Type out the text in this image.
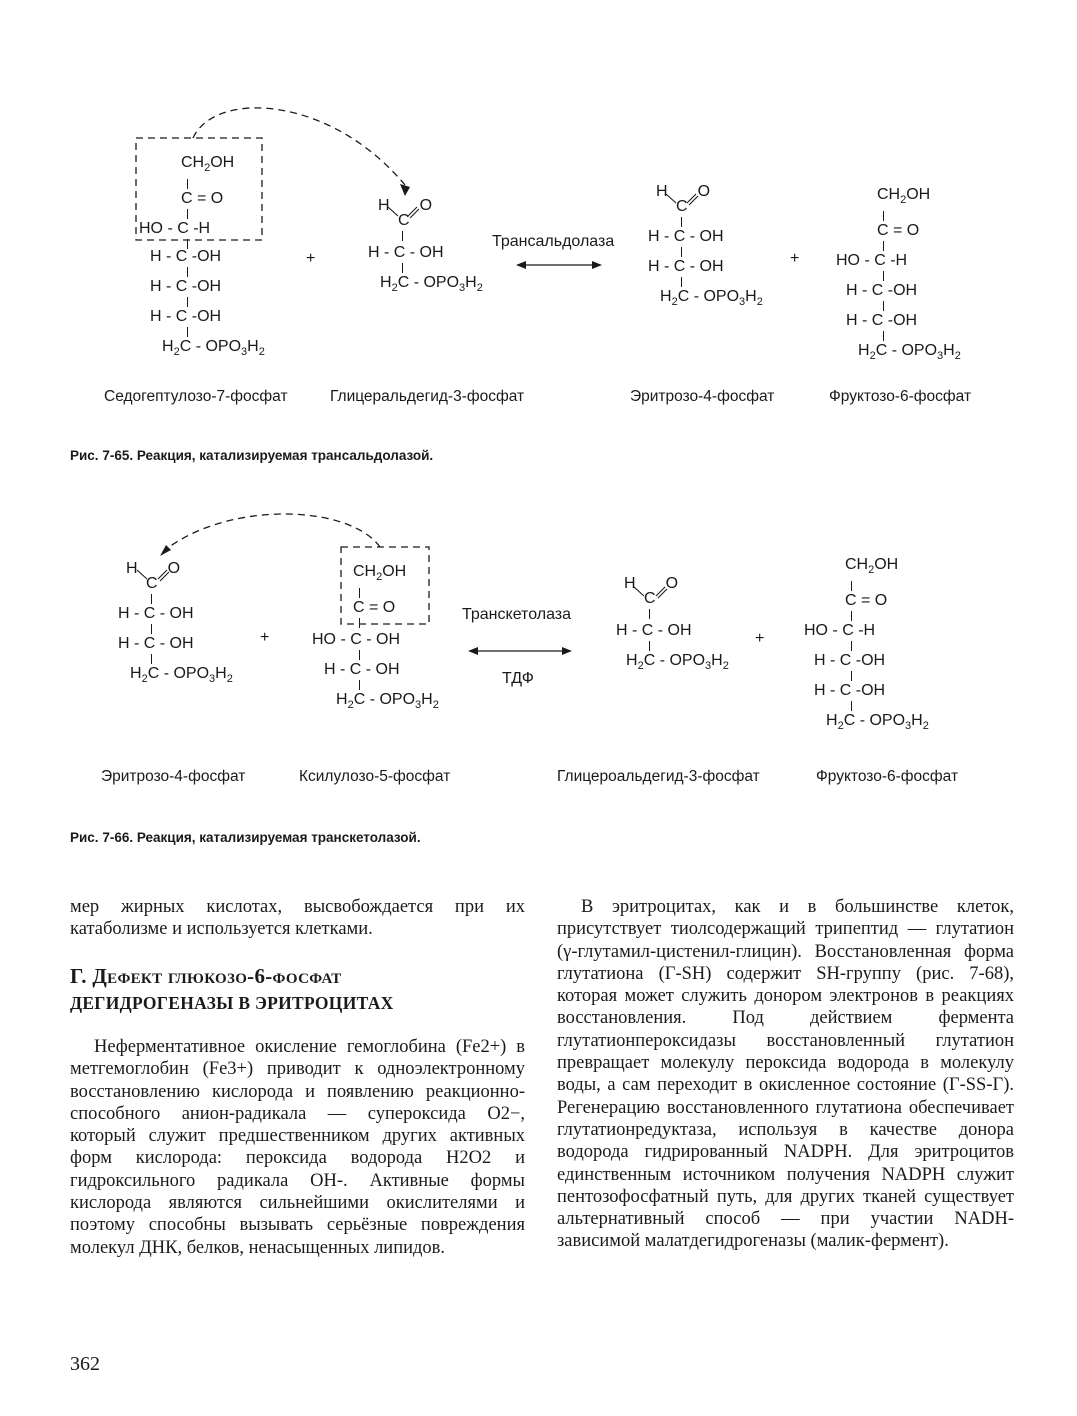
$CH_2OH$
C = O
HO - C -H
H - C -OH
H - C -OH
H - C -OH
$H_2C - OPO_3H_2$
+
H O
C
H - C - OH
$H_2C - OPO_3H_2$
Трансальдолаза
H O
C
H - C - OH
H - C - OH
$H_2C - OPO_3H_2$
+
$CH_2OH$
C = O
HO - C -H
H - C -OH
H - C -OH
$H_2C - OPO_3H_2$
Седогептулозо-7-фосфат	Глицеральдегид-3-фосфат	Эритрозо-4-фосфат	Фруктозо-6-фосфат
Рис. 7-65. Реакция, катализируемая трансальдолазой.
H O
C
H - C - OH
H - C - OH
$H_2C - OPO_3H_2$
+
$CH_2OH$
C = O
HO - C - OH
H - C - OH
$H_2C - OPO_3H_2$
Транскетолаза
ТДФ
H O
C
H - C - OH
$H_2C - OPO_3H_2$
+
$CH_2OH$
C = O
HO - C -H
H - C -OH
H - C -OH
$H_2C - OPO_3H_2$
Эритрозо-4-фосфат	Ксилулозо-5-фосфат	Глицероальдегид-3-фосфат	Фруктозо-6-фосфат
Рис. 7-66. Реакция, катализируемая транскетолазой.

мер жирных кислотах, высвобождается при их катаболизме и используется клетками.

Г. Дефект глюкозо-6-фосфат
ДЕГИДРОГЕНАЗЫ В ЭРИТРОЦИТАХ

Неферментативное окисление гемоглобина (Fe2+) в метгемоглобин (Fe3+) приводит к одноэлектронному восстановлению кислорода и появлению реакционно-способного анион-радикала — супероксида O2−, который служит предшественником других активных форм кислорода: пероксида водорода H2O2 и гидроксильного радикала OH-. Активные формы кислорода являются сильнейшими окислителями и поэтому способны вызывать серьёзные повреждения молекул ДНК, белков, ненасыщенных липидов.

В эритроцитах, как и в большинстве клеток, присутствует тиолсодержащий трипептид — глутатион (γ-глутамил-цистенил-глицин). Восстановленная форма глутатиона (Г-SH) содержит SH-группу (рис. 7-68), которая может служить донором электронов в реакциях восстановления. Под действием фермента глутатионпероксидазы восстановленный глутатион превращает молекулу пероксида водорода в молекулу воды, а сам переходит в окисленное состояние (Г-SS-Г). Регенерацию восстановленного глутатиона обеспечивает глутатионредуктаза, используя в качестве донора водорода гидрированный NADPH. Для эритроцитов единственным источником получения NADPH служит пентозофосфатный путь, для других тканей существует альтернативный способ — при участии NADH-зависимой малатдегидрогеназы (малик-фермент).

362
